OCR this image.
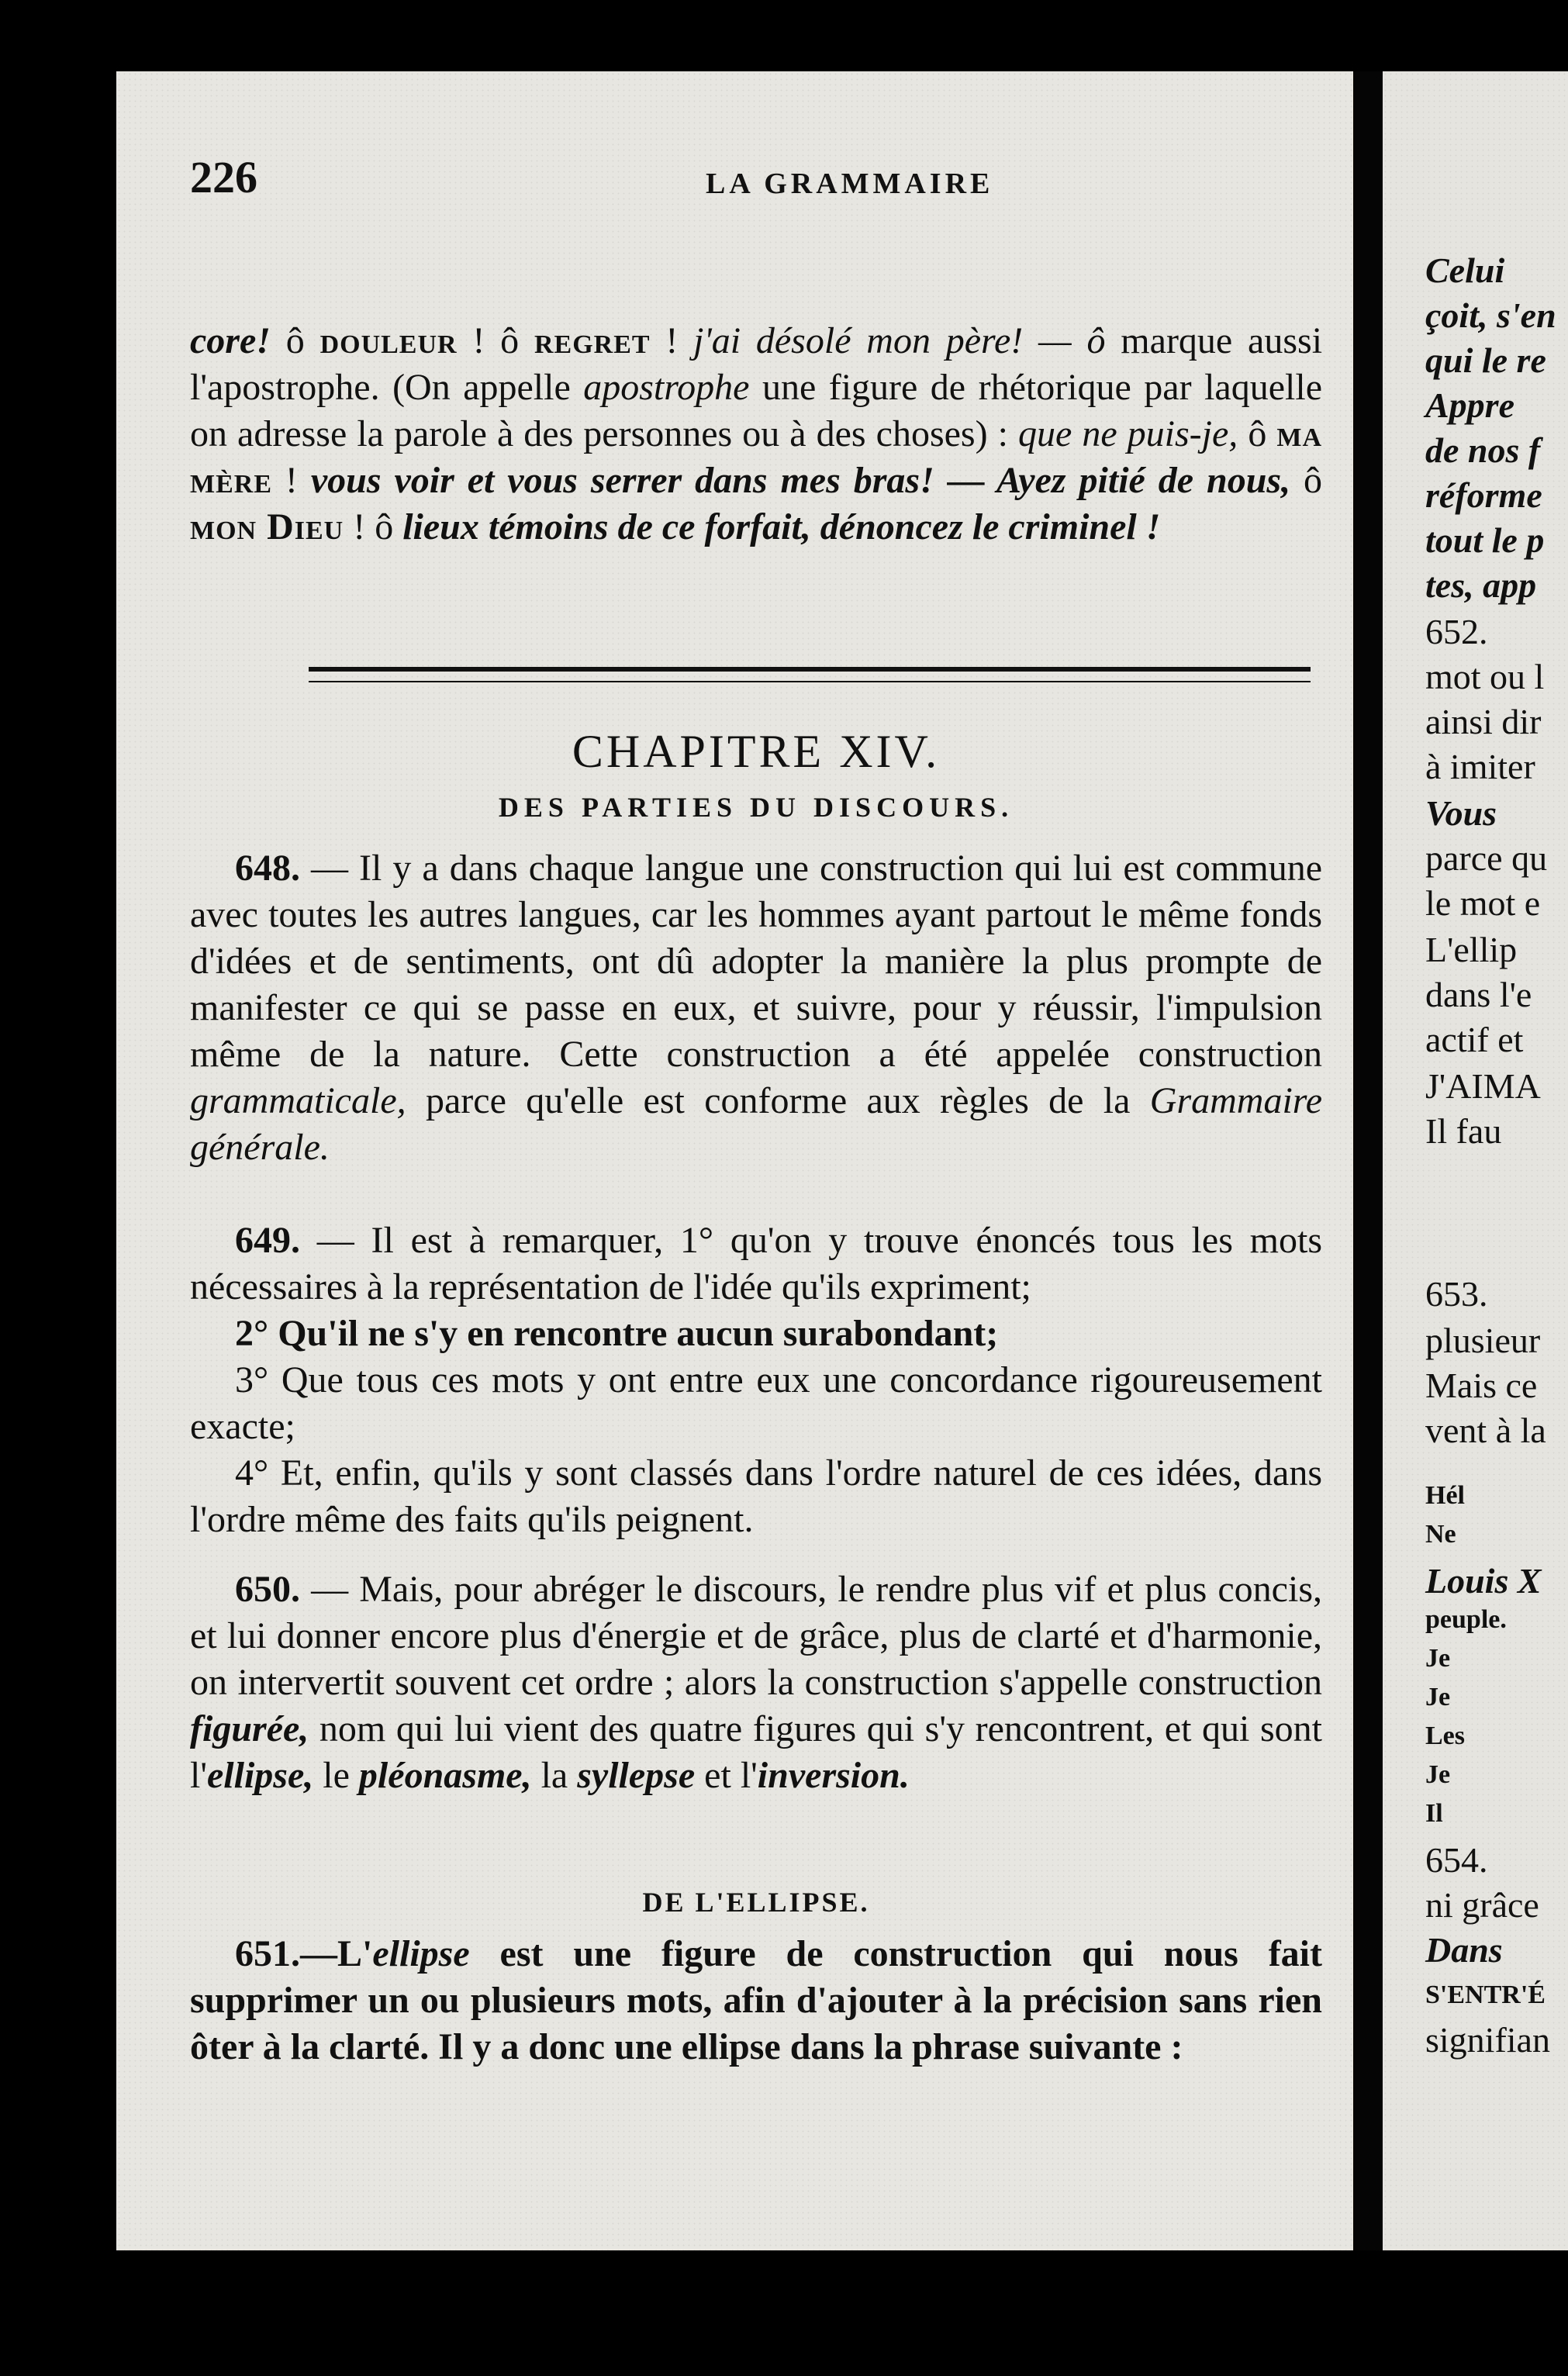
Celui
çoit, s'en
qui le re
Appre
de nos f
réforme
tout le p
tes, app
652.
mot ou l
ainsi dir
à imiter
Vous
parce qu
le mot e
L'ellip
dans l'e
actif et
J'AIMA
Il fau
653.
plusieur
Mais ce
vent à la
Hél
Ne
Louis X
peuple.
Je
Je
Les
Je
Il
654.
ni grâce
Dans
S'ENTR'É
signifian
226	LA GRAMMAIRE

core! ô douleur ! ô regret ! j'ai désolé mon père! — ô marque aussi l'apostrophe. (On appelle apostrophe une figure de rhétorique par laquelle on adresse la parole à des personnes ou à des choses) : que ne puis-je, ô ma mère ! vous voir et vous serrer dans mes bras! — Ayez pitié de nous, ô mon Dieu ! ô lieux témoins de ce forfait, dénoncez le criminel !

CHAPITRE XIV.
DES PARTIES DU DISCOURS.

648. — Il y a dans chaque langue une construction qui lui est commune avec toutes les autres langues, car les hommes ayant partout le même fonds d'idées et de sentiments, ont dû adopter la manière la plus prompte de manifester ce qui se passe en eux, et suivre, pour y réussir, l'impulsion même de la nature. Cette construction a été appelée construction grammaticale, parce qu'elle est conforme aux règles de la Grammaire générale.

649. — Il est à remarquer, 1° qu'on y trouve énoncés tous les mots nécessaires à la représentation de l'idée qu'ils expriment;

2° Qu'il ne s'y en rencontre aucun surabondant;

3° Que tous ces mots y ont entre eux une concordance rigoureusement exacte;

4° Et, enfin, qu'ils y sont classés dans l'ordre naturel de ces idées, dans l'ordre même des faits qu'ils peignent.

650. — Mais, pour abréger le discours, le rendre plus vif et plus concis, et lui donner encore plus d'énergie et de grâce, plus de clarté et d'harmonie, on intervertit souvent cet ordre ; alors la construction s'appelle construction figurée, nom qui lui vient des quatre figures qui s'y rencontrent, et qui sont l'ellipse, le pléonasme, la syllepse et l'inversion.

DE L'ELLIPSE.

651.—L'ellipse est une figure de construction qui nous fait supprimer un ou plusieurs mots, afin d'ajouter à la précision sans rien ôter à la clarté. Il y a donc une ellipse dans la phrase suivante :
